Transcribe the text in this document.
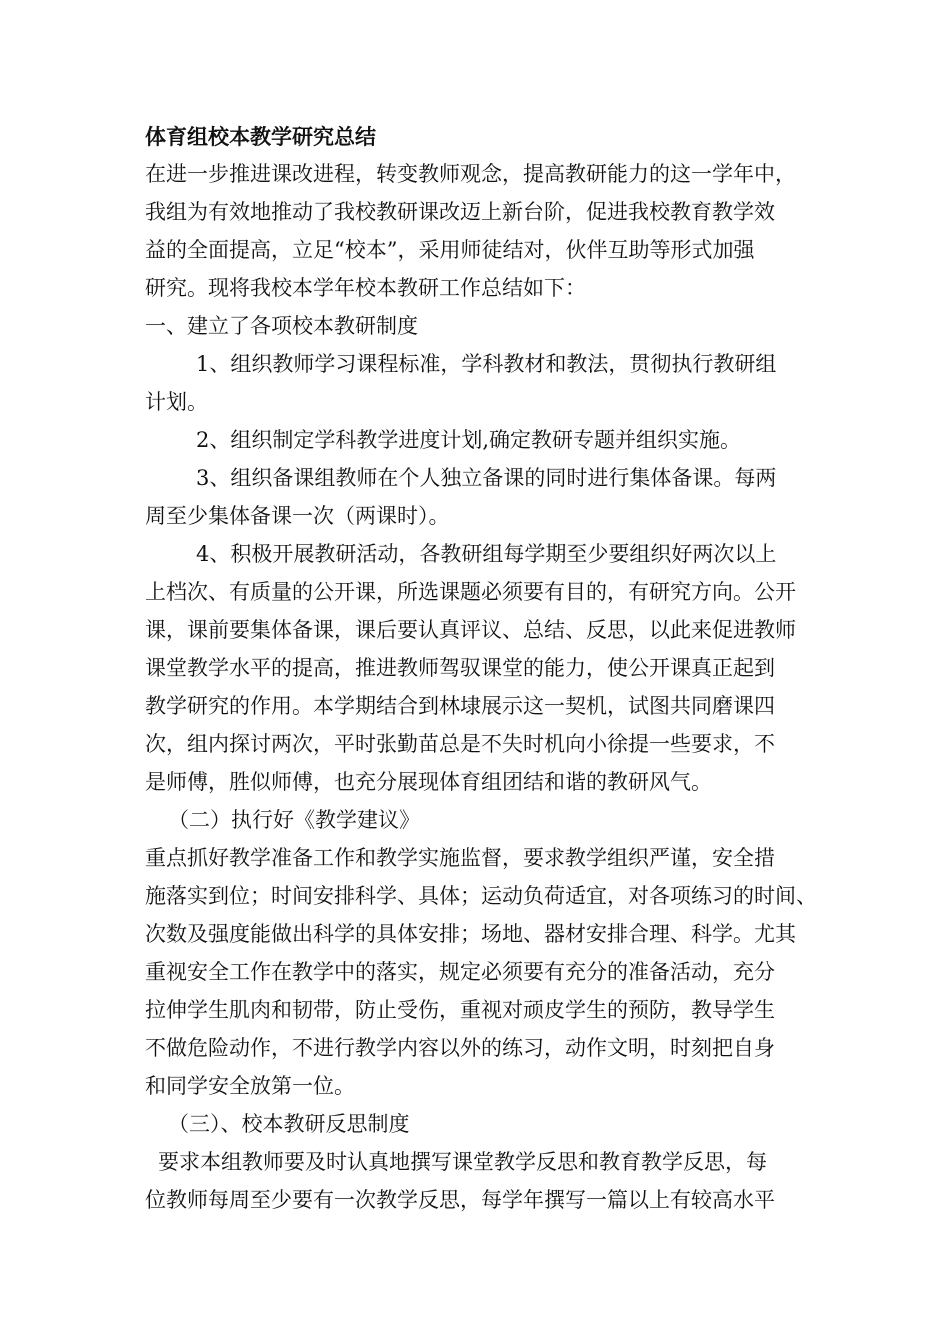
体育组校本教学研究总结

在进一步推进课改进程，转变教师观念，提高教研能力的这一学年中，

我组为有效地推动了我校教研课改迈上新台阶，促进我校教育教学效

益的全面提高，立足“校本”，采用师徒结对，伙伴互助等形式加强

研究。现将我校本学年校本教研工作总结如下：

一、建立了各项校本教研制度

1、组织教师学习课程标准，学科教材和教法，贯彻执行教研组

计划。

2、组织制定学科教学进度计划,确定教研专题并组织实施。

3、组织备课组教师在个人独立备课的同时进行集体备课。每两

周至少集体备课一次（两课时）。

4、积极开展教研活动，各教研组每学期至少要组织好两次以上

上档次、有质量的公开课，所选课题必须要有目的，有研究方向。公开

课，课前要集体备课，课后要认真评议、总结、反思，以此来促进教师

课堂教学水平的提高，推进教师驾驭课堂的能力，使公开课真正起到

教学研究的作用。本学期结合到林埭展示这一契机，试图共同磨课四

次，组内探讨两次，平时张勤苗总是不失时机向小徐提一些要求，不

是师傅，胜似师傅，也充分展现体育组团结和谐的教研风气。

（二）执行好《教学建议》

重点抓好教学准备工作和教学实施监督，要求教学组织严谨，安全措

施落实到位；时间安排科学、具体；运动负荷适宜，对各项练习的时间、

次数及强度能做出科学的具体安排；场地、器材安排合理、科学。尤其

重视安全工作在教学中的落实，规定必须要有充分的准备活动，充分

拉伸学生肌肉和韧带，防止受伤，重视对顽皮学生的预防，教导学生

不做危险动作，不进行教学内容以外的练习，动作文明，时刻把自身

和同学安全放第一位。

（三）、校本教研反思制度

要求本组教师要及时认真地撰写课堂教学反思和教育教学反思，每

位教师每周至少要有一次教学反思，每学年撰写一篇以上有较高水平
